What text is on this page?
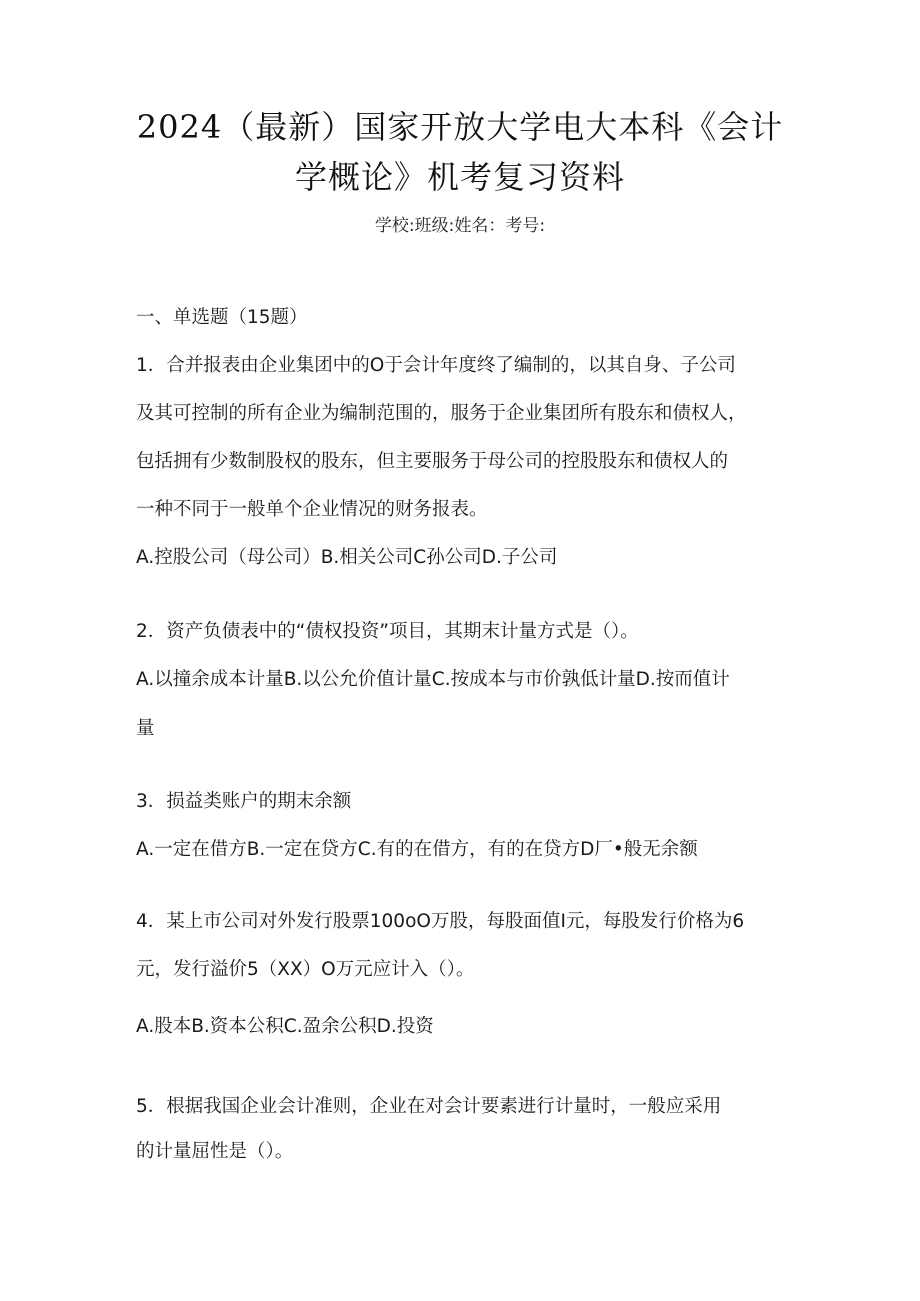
2024（最新）国家开放大学电大本科《会计
学概论》机考复习资料
学校:班级:姓名：考号:
一、单选题（15题）
1．合并报表由企业集团中的O于会计年度终了编制的，以其自身、子公司
及其可控制的所有企业为编制范围的，服务于企业集团所有股东和债权人，
包括拥有少数制股权的股东，但主要服务于母公司的控股股东和债权人的
一种不同于一般单个企业情况的财务报表。
A.控股公司（母公司）B.相关公司C孙公司D.子公司
2．资产负债表中的“债权投资”项目，其期末计量方式是（）。
A.以撞余成本计量B.以公允价值计量C.按成本与市价孰低计量D.按而值计
量
3．损益类账户的期末余额
A.一定在借方B.一定在贷方C.有的在借方，有的在贷方D厂•般无余额
4．某上市公司对外发行股票100oO万股，每股面值I元，每股发行价格为6
元，发行溢价5（XX）O万元应计入（）。
A.股本B.资本公积C.盈余公积D.投资
5．根据我国企业会计准则，企业在对会计要素进行计量时，一般应采用
的计量屈性是（）。
